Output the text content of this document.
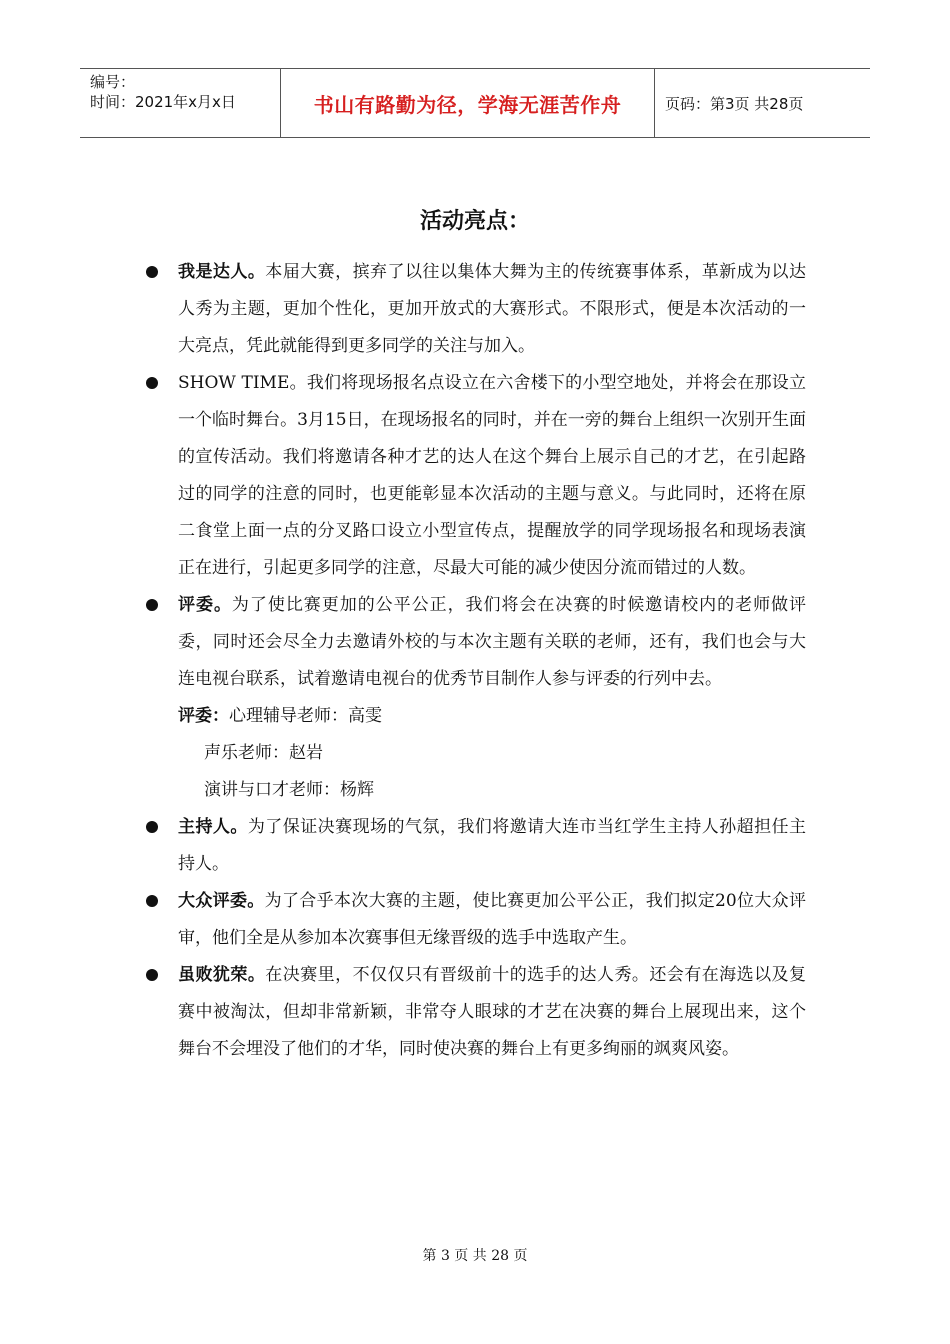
编号：
时间：2021年x月x日	书山有路勤为径，学海无涯苦作舟	页码：第3页 共28页
活动亮点：
我是达人。本届大赛，摈弃了以往以集体大舞为主的传统赛事体系，革新成为以达人秀为主题，更加个性化，更加开放式的大赛形式。不限形式，便是本次活动的一大亮点，凭此就能得到更多同学的关注与加入。
SHOW TIME。我们将现场报名点设立在六舍楼下的小型空地处，并将会在那设立一个临时舞台。3月15日，在现场报名的同时，并在一旁的舞台上组织一次别开生面的宣传活动。我们将邀请各种才艺的达人在这个舞台上展示自己的才艺，在引起路过的同学的注意的同时，也更能彰显本次活动的主题与意义。与此同时，还将在原二食堂上面一点的分叉路口设立小型宣传点，提醒放学的同学现场报名和现场表演正在进行，引起更多同学的注意，尽最大可能的减少使因分流而错过的人数。
评委。为了使比赛更加的公平公正，我们将会在决赛的时候邀请校内的老师做评委，同时还会尽全力去邀请外校的与本次主题有关联的老师，还有，我们也会与大连电视台联系，试着邀请电视台的优秀节目制作人参与评委的行列中去。
评委：心理辅导老师：高雯
声乐老师：赵岩
演讲与口才老师：杨辉
主持人。为了保证决赛现场的气氛，我们将邀请大连市当红学生主持人孙超担任主持人。
大众评委。为了合乎本次大赛的主题，使比赛更加公平公正，我们拟定20位大众评审，他们全是从参加本次赛事但无缘晋级的选手中选取产生。
虽败犹荣。在决赛里，不仅仅只有晋级前十的选手的达人秀。还会有在海选以及复赛中被淘汰，但却非常新颖，非常夺人眼球的才艺在决赛的舞台上展现出来，这个舞台不会埋没了他们的才华，同时使决赛的舞台上有更多绚丽的飒爽风姿。
第 3 页 共 28 页
